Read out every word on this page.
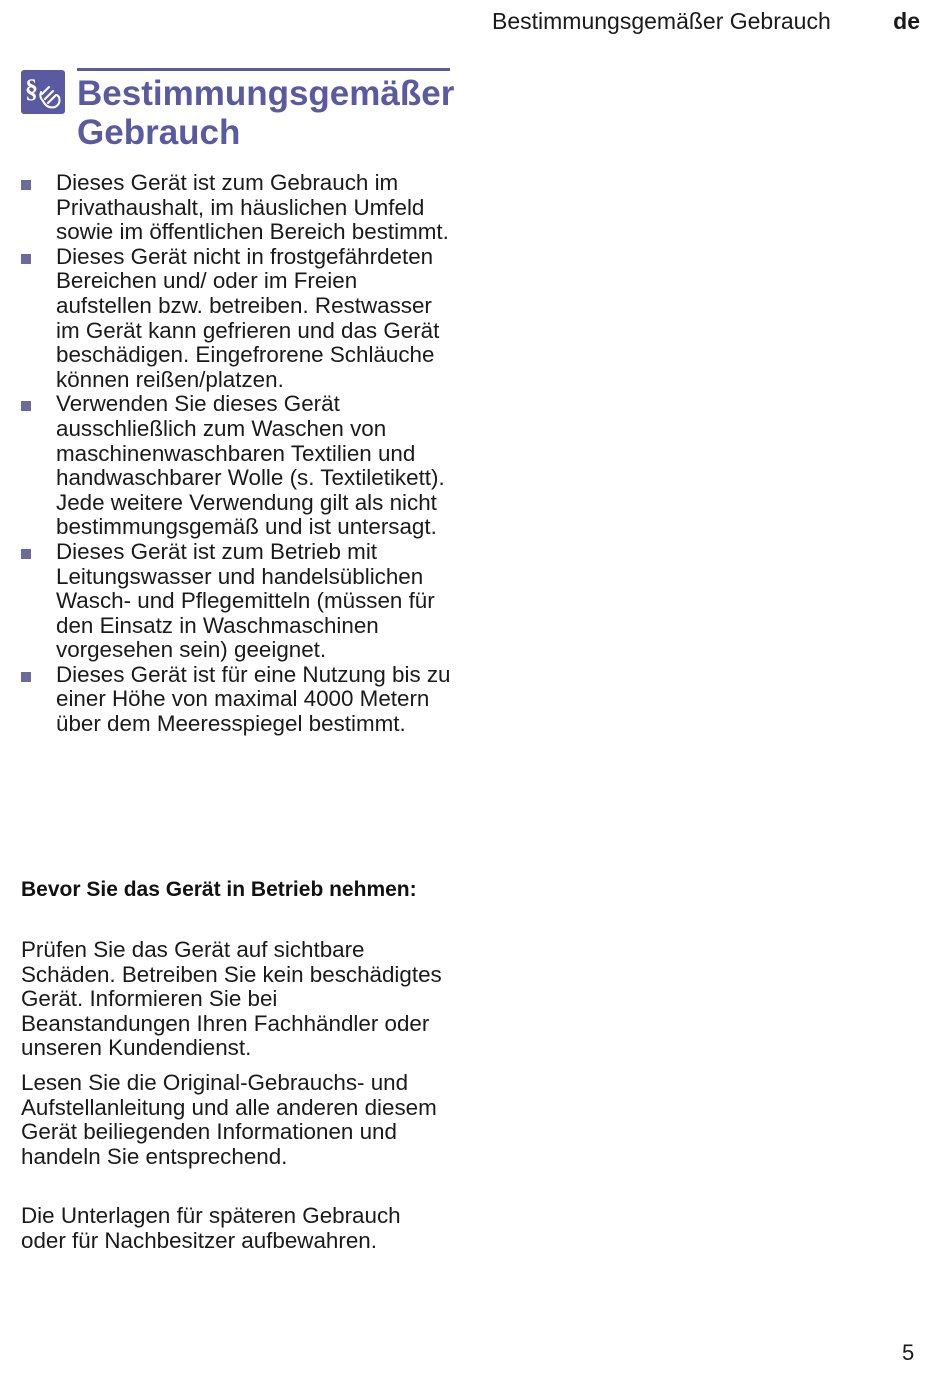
Bestimmungsgemäßer Gebrauch	de
§ Bestimmungsgemäßer
Gebrauch
Dieses Gerät ist zum Gebrauch im Privathaushalt, im häuslichen Umfeld sowie im öffentlichen Bereich bestimmt.
Dieses Gerät nicht in frostgefährdeten Bereichen und/ oder im Freien aufstellen bzw. betreiben. Restwasser im Gerät kann gefrieren und das Gerät beschädigen. Eingefrorene Schläuche können reißen/platzen.
Verwenden Sie dieses Gerät ausschließlich zum Waschen von maschinenwaschbaren Textilien und handwaschbarer Wolle (s. Textiletikett). Jede weitere Verwendung gilt als nicht bestimmungsgemäß und ist untersagt.
Dieses Gerät ist zum Betrieb mit Leitungswasser und handelsüblichen Wasch- und Pflegemitteln (müssen für den Einsatz in Waschmaschinen vorgesehen sein) geeignet.
Dieses Gerät ist für eine Nutzung bis zu einer Höhe von maximal 4000 Metern über dem Meeresspiegel bestimmt.
Bevor Sie das Gerät in Betrieb nehmen:

Prüfen Sie das Gerät auf sichtbare Schäden. Betreiben Sie kein beschädigtes Gerät. Informieren Sie bei Beanstandungen Ihren Fachhändler oder unseren Kundendienst.

Lesen Sie die Original-Gebrauchs- und Aufstellanleitung und alle anderen diesem Gerät beiliegenden Informationen und handeln Sie entsprechend.

Die Unterlagen für späteren Gebrauch oder für Nachbesitzer aufbewahren.

5
